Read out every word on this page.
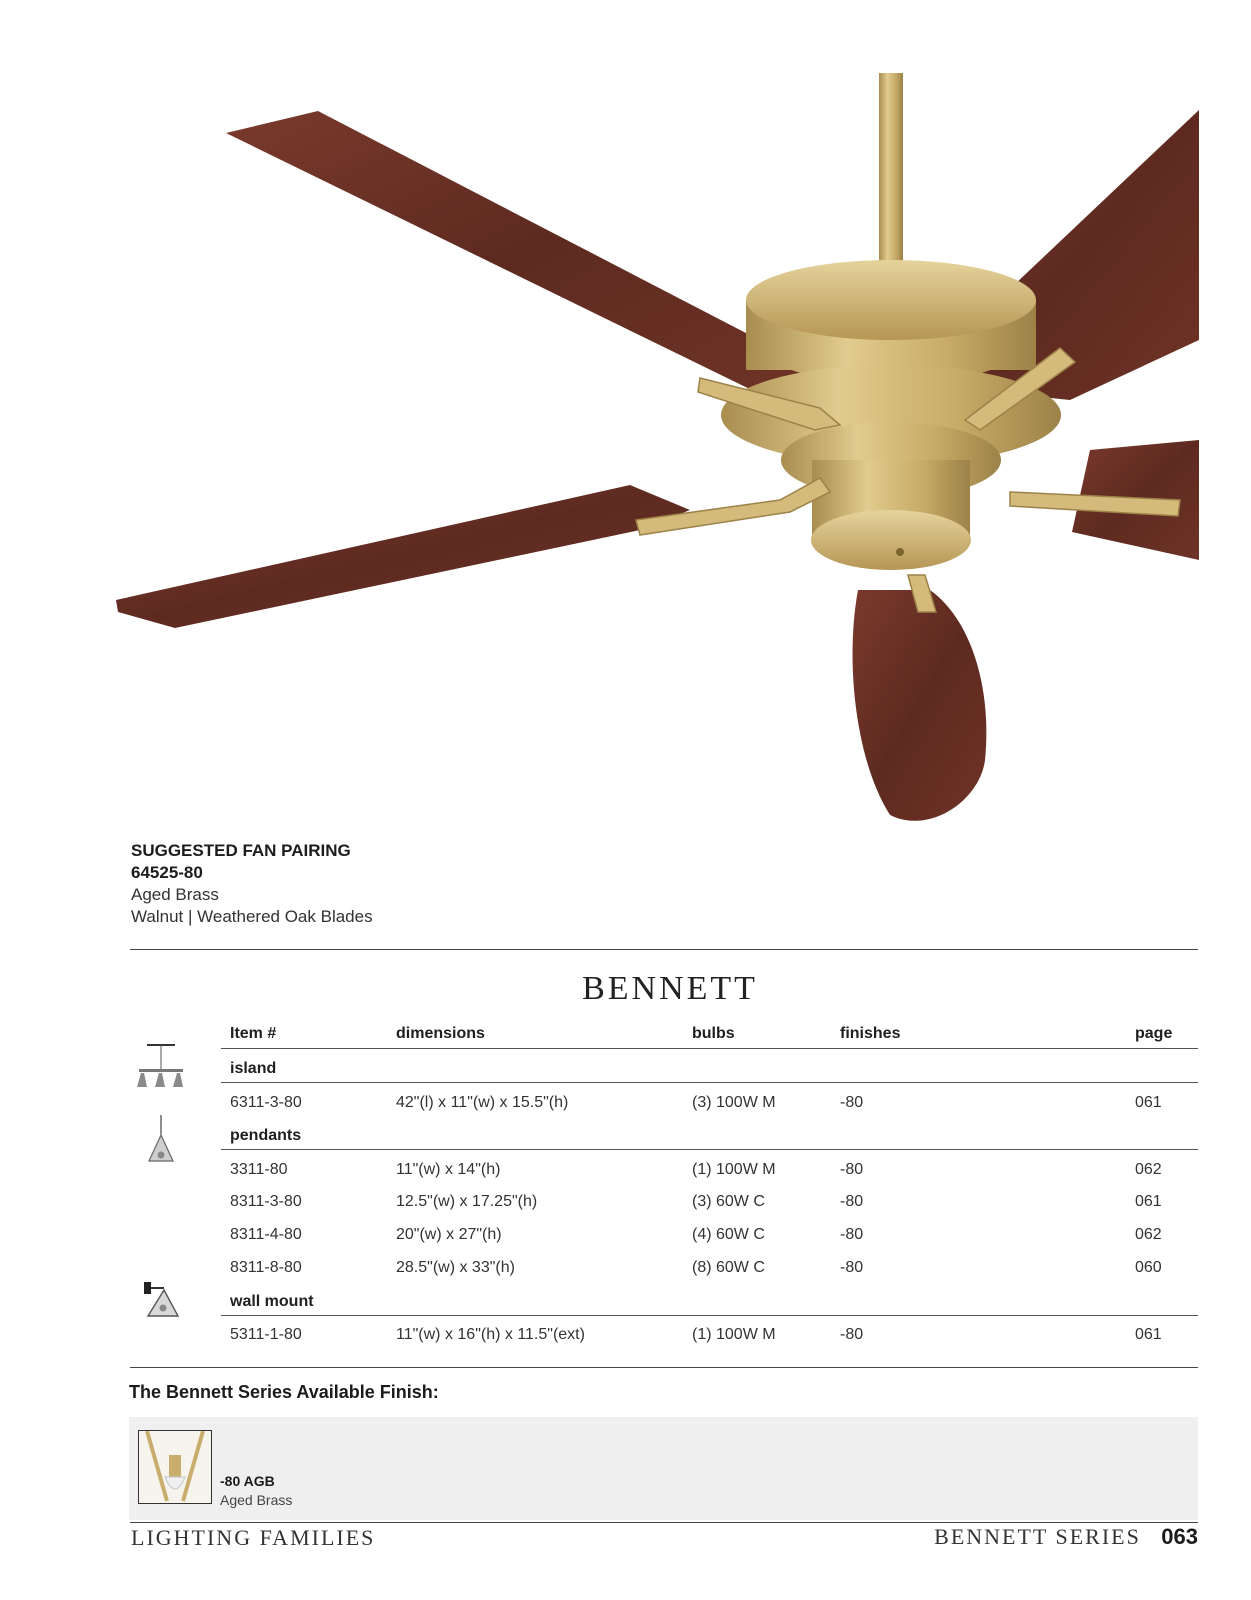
SUGGESTED FAN PAIRING
64525-80
Aged Brass
Walnut | Weathered Oak Blades
BENNETT
Item #	dimensions	bulbs	finishes	page
island
6311-3-80	42"(l) x 11"(w) x 15.5"(h)	(3) 100W M	-80	061
pendants
3311-80	11"(w) x 14"(h)	(1) 100W M	-80	062
8311-3-80	12.5"(w) x 17.25"(h)	(3) 60W C	-80	061
8311-4-80	20"(w) x 27"(h)	(4) 60W C	-80	062
8311-8-80	28.5"(w) x 33"(h)	(8) 60W C	-80	060
wall mount
5311-1-80	11"(w) x 16"(h) x 11.5"(ext)	(1) 100W M	-80	061
The Bennett Series Available Finish:
-80 AGB
Aged Brass
LIGHTING FAMILIES	BENNETT SERIES 063
